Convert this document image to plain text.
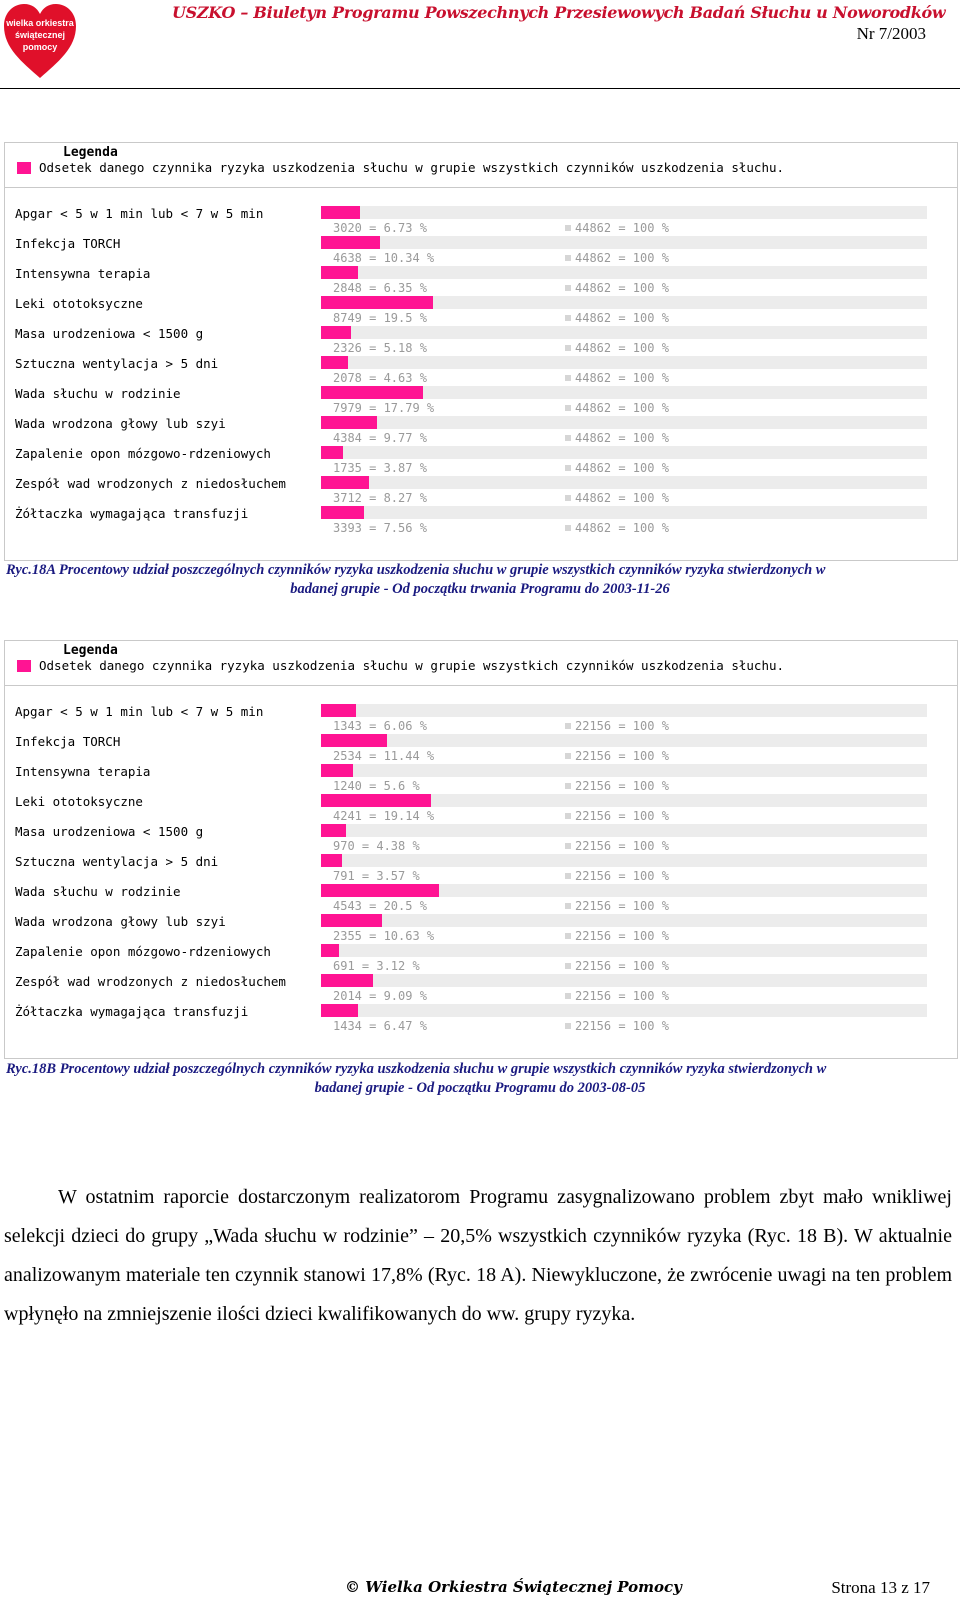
wielka orkiestra
świątecznej
pomocy
USZKO – Biuletyn Programu Powszechnych Przesiewowych Badań Słuchu u Noworodków
Nr 7/2003
Legenda
Odsetek danego czynnika ryzyka uszkodzenia słuchu w grupie wszystkich czynników uszkodzenia słuchu.
Apgar < 5 w 1 min lub < 7 w 5 min
3020 = 6.73 %	44862 = 100 %
Infekcja TORCH
4638 = 10.34 %	44862 = 100 %
Intensywna terapia
2848 = 6.35 %	44862 = 100 %
Leki ototoksyczne
8749 = 19.5 %	44862 = 100 %
Masa urodzeniowa < 1500 g
2326 = 5.18 %	44862 = 100 %
Sztuczna wentylacja > 5 dni
2078 = 4.63 %	44862 = 100 %
Wada słuchu w rodzinie
7979 = 17.79 %	44862 = 100 %
Wada wrodzona głowy lub szyi
4384 = 9.77 %	44862 = 100 %
Zapalenie opon mózgowo-rdzeniowych
1735 = 3.87 %	44862 = 100 %
Zespół wad wrodzonych z niedosłuchem
3712 = 8.27 %	44862 = 100 %
Żółtaczka wymagająca transfuzji
3393 = 7.56 %	44862 = 100 %
Ryc.18A Procentowy udział poszczególnych czynników ryzyka uszkodzenia słuchu w grupie wszystkich czynników ryzyka stwierdzonych w
badanej grupie - Od początku trwania Programu do 2003-11-26
Legenda
Odsetek danego czynnika ryzyka uszkodzenia słuchu w grupie wszystkich czynników uszkodzenia słuchu.
Apgar < 5 w 1 min lub < 7 w 5 min
1343 = 6.06 %	22156 = 100 %
Infekcja TORCH
2534 = 11.44 %	22156 = 100 %
Intensywna terapia
1240 = 5.6 %	22156 = 100 %
Leki ototoksyczne
4241 = 19.14 %	22156 = 100 %
Masa urodzeniowa < 1500 g
970 = 4.38 %	22156 = 100 %
Sztuczna wentylacja > 5 dni
791 = 3.57 %	22156 = 100 %
Wada słuchu w rodzinie
4543 = 20.5 %	22156 = 100 %
Wada wrodzona głowy lub szyi
2355 = 10.63 %	22156 = 100 %
Zapalenie opon mózgowo-rdzeniowych
691 = 3.12 %	22156 = 100 %
Zespół wad wrodzonych z niedosłuchem
2014 = 9.09 %	22156 = 100 %
Żółtaczka wymagająca transfuzji
1434 = 6.47 %	22156 = 100 %
Ryc.18B Procentowy udział poszczególnych czynników ryzyka uszkodzenia słuchu w grupie wszystkich czynników ryzyka stwierdzonych w
badanej grupie - Od początku Programu do 2003-08-05
W ostatnim raporcie dostarczonym realizatorom Programu zasygnalizowano problem zbyt mało wnikliwej selekcji dzieci do grupy „Wada słuchu w rodzinie” – 20,5% wszystkich czynników ryzyka (Ryc. 18 B). W aktualnie analizowanym materiale ten czynnik stanowi 17,8% (Ryc. 18 A). Niewykluczone, że zwrócenie uwagi na ten problem wpłynęło na zmniejszenie ilości dzieci kwalifikowanych do ww. grupy ryzyka.
© Wielka Orkiestra Świątecznej Pomocy	Strona 13 z 17
